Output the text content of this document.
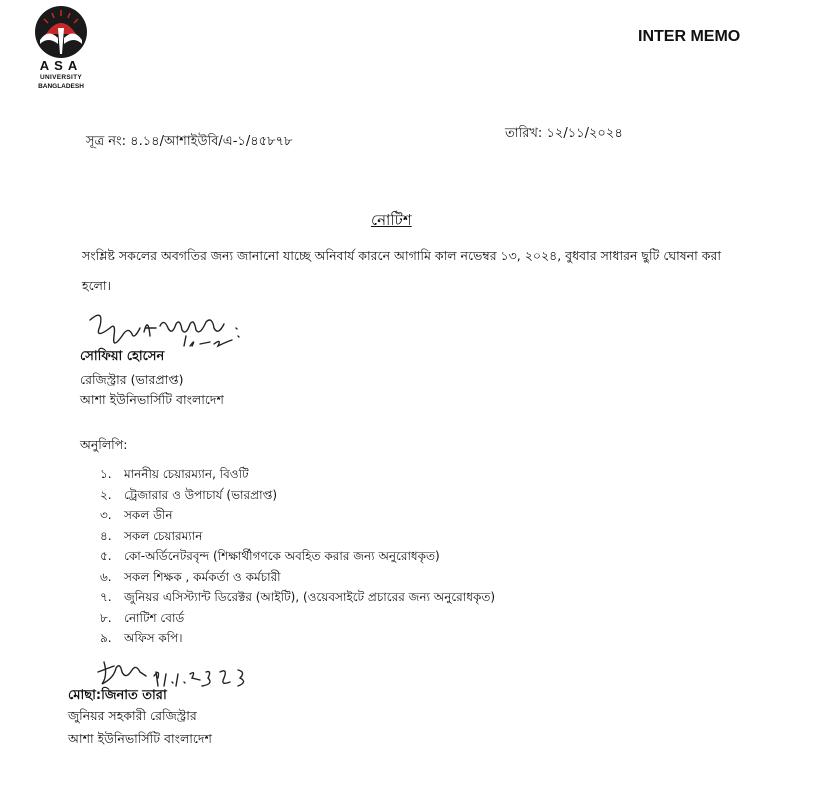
ASA
UNIVERSITY
BANGLADESH
INTER MEMO
সূত্র নং: ৪.১৪/আশাইউবি/এ-১/৪৫৮৭৮
তারিখ: ১২/১১/২০২৪
নোটিশ
সংশ্লিষ্ট সকলের অবগতির জন্য জানানো যাচ্ছে অনিবার্য কারনে আগামি কাল নভেম্বর ১৩, ২০২৪, বুধবার সাধারন ছুটি ঘোষনা করা হলো।
সোফিয়া হোসেন
রেজিস্ট্রার (ভারপ্রাপ্ত)
আশা ইউনিভার্সিটি বাংলাদেশ
অনুলিপি:
১.	মাননীয় চেয়ারম্যান, বিওটি
২.	ট্রেজারার ও উপাচার্য (ভারপ্রাপ্ত)
৩.	সকল ডীন
৪.	সকল চেয়ারম্যান
৫.	কো-অর্ডিনেটরবৃন্দ (শিক্ষার্থীগণকে অবহিত করার জন্য অনুরোধকৃত)
৬.	সকল শিক্ষক , কর্মকর্তা ও কর্মচারী
৭.	জুনিয়র এসিস্ট্যান্ট ডিরেক্টর (আইটি), (ওয়েবসাইটে প্রচারের জন্য অনুরোধকৃত)
৮.	নোটিশ বোর্ড
৯.	অফিস কপি।
মোছা:জিনাত তারা
জুনিয়র সহকারী রেজিস্ট্রার
আশা ইউনিভার্সিটি বাংলাদেশ
